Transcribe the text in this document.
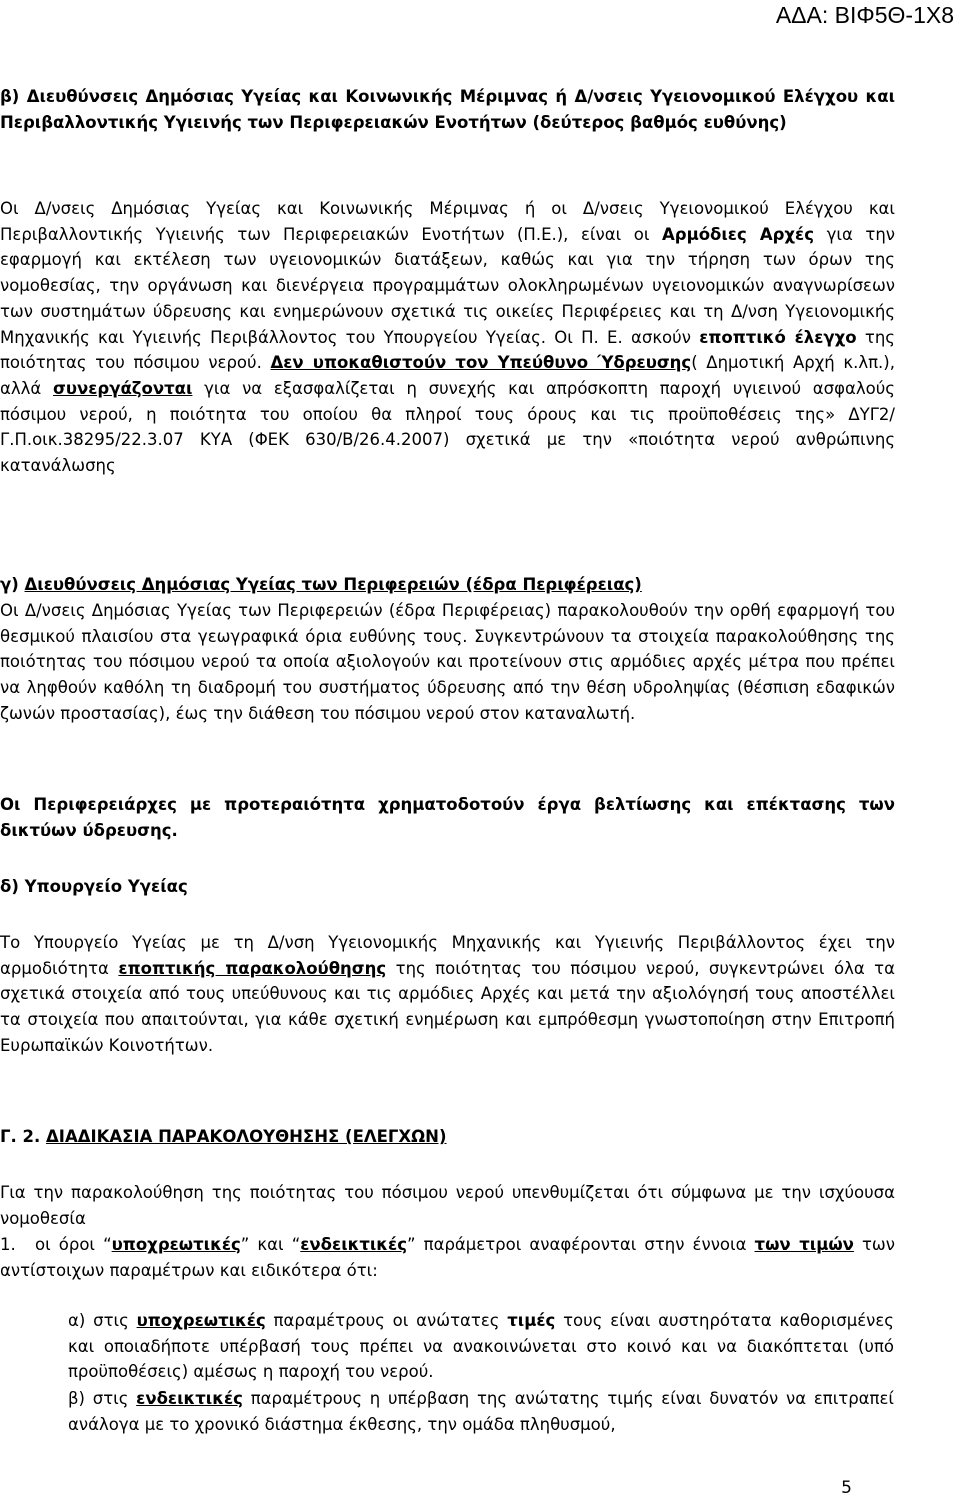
ΑΔΑ: ΒΙΦ5Θ-1Χ8
β) Διευθύνσεις Δημόσιας Υγείας και Κοινωνικής Μέριμνας ή Δ/νσεις Υγειονομικού Ελέγχου και Περιβαλλοντικής Υγιεινής των Περιφερειακών Ενοτήτων (δεύτερος βαθμός ευθύνης)
Οι Δ/νσεις Δημόσιας Υγείας και Κοινωνικής Μέριμνας ή οι Δ/νσεις Υγειονομικού Ελέγχου και Περιβαλλοντικής Υγιεινής των Περιφερειακών Ενοτήτων (Π.Ε.), είναι οι Αρμόδιες Αρχές για την εφαρμογή και εκτέλεση των υγειονομικών διατάξεων, καθώς και για την τήρηση των όρων της νομοθεσίας, την οργάνωση και διενέργεια προγραμμάτων ολοκληρωμένων υγειονομικών αναγνωρίσεων των συστημάτων ύδρευσης και ενημερώνουν σχετικά τις οικείες Περιφέρειες και τη Δ/νση Υγειονομικής Μηχανικής και Υγιεινής Περιβάλλοντος του Υπουργείου Υγείας. Οι Π. Ε. ασκούν εποπτικό έλεγχο της ποιότητας του πόσιμου νερού. Δεν υποκαθιστούν τον Υπεύθυνο Ύδρευσης( Δημοτική Αρχή κ.λπ.), αλλά συνεργάζονται για να εξασφαλίζεται η συνεχής και απρόσκοπτη παροχή υγιεινού ασφαλούς πόσιμου νερού, η ποιότητα του οποίου θα πληροί τους όρους και τις προϋποθέσεις της» ΔΥΓ2/Γ.Π.οικ.38295/22.3.07 ΚΥΑ (ΦΕΚ 630/Β/26.4.2007) σχετικά με την «ποιότητα νερού ανθρώπινης κατανάλωσης
γ) Διευθύνσεις Δημόσιας Υγείας των Περιφερειών (έδρα Περιφέρειας)
Οι Δ/νσεις Δημόσιας Υγείας των Περιφερειών (έδρα Περιφέρειας) παρακολουθούν την ορθή εφαρμογή του θεσμικού πλαισίου στα γεωγραφικά όρια ευθύνης τους. Συγκεντρώνουν τα στοιχεία παρακολούθησης της ποιότητας του πόσιμου νερού τα οποία αξιολογούν και προτείνουν στις αρμόδιες αρχές μέτρα που πρέπει να ληφθούν καθόλη τη διαδρομή του συστήματος ύδρευσης από την θέση υδροληψίας (θέσπιση εδαφικών ζωνών προστασίας), έως την διάθεση του πόσιμου νερού στον καταναλωτή.
Οι Περιφερειάρχες με προτεραιότητα χρηματοδοτούν έργα βελτίωσης και επέκτασης των δικτύων ύδρευσης.
δ) Υπουργείο Υγείας
Το Υπουργείο Υγείας με τη Δ/νση Υγειονομικής Μηχανικής και Υγιεινής Περιβάλλοντος έχει την αρμοδιότητα εποπτικής παρακολούθησης της ποιότητας του πόσιμου νερού, συγκεντρώνει όλα τα σχετικά στοιχεία από τους υπεύθυνους και τις αρμόδιες Αρχές και μετά την αξιολόγησή τους αποστέλλει τα στοιχεία που απαιτούνται, για κάθε σχετική ενημέρωση και εμπρόθεσμη γνωστοποίηση στην Επιτροπή Ευρωπαϊκών Κοινοτήτων.
Γ. 2. ΔΙΑΔΙΚΑΣΙΑ ΠΑΡΑΚΟΛΟΥΘΗΣΗΣ (ΕΛΕΓΧΩΝ)
Για την παρακολούθηση της ποιότητας του πόσιμου νερού υπενθυμίζεται ότι σύμφωνα με την ισχύουσα νομοθεσία
1. οι όροι “υποχρεωτικές” και “ενδεικτικές” παράμετροι αναφέρονται στην έννοια των τιμών των αντίστοιχων παραμέτρων και ειδικότερα ότι:
α) στις υποχρεωτικές παραμέτρους οι ανώτατες τιμές τους είναι αυστηρότατα καθορισμένες και οποιαδήποτε υπέρβασή τους πρέπει να ανακοινώνεται στο κοινό και να διακόπτεται (υπό προϋποθέσεις) αμέσως η παροχή του νερού.
β) στις ενδεικτικές παραμέτρους η υπέρβαση της ανώτατης τιμής είναι δυνατόν να επιτραπεί ανάλογα με το χρονικό διάστημα έκθεσης, την ομάδα πληθυσμού,
5
